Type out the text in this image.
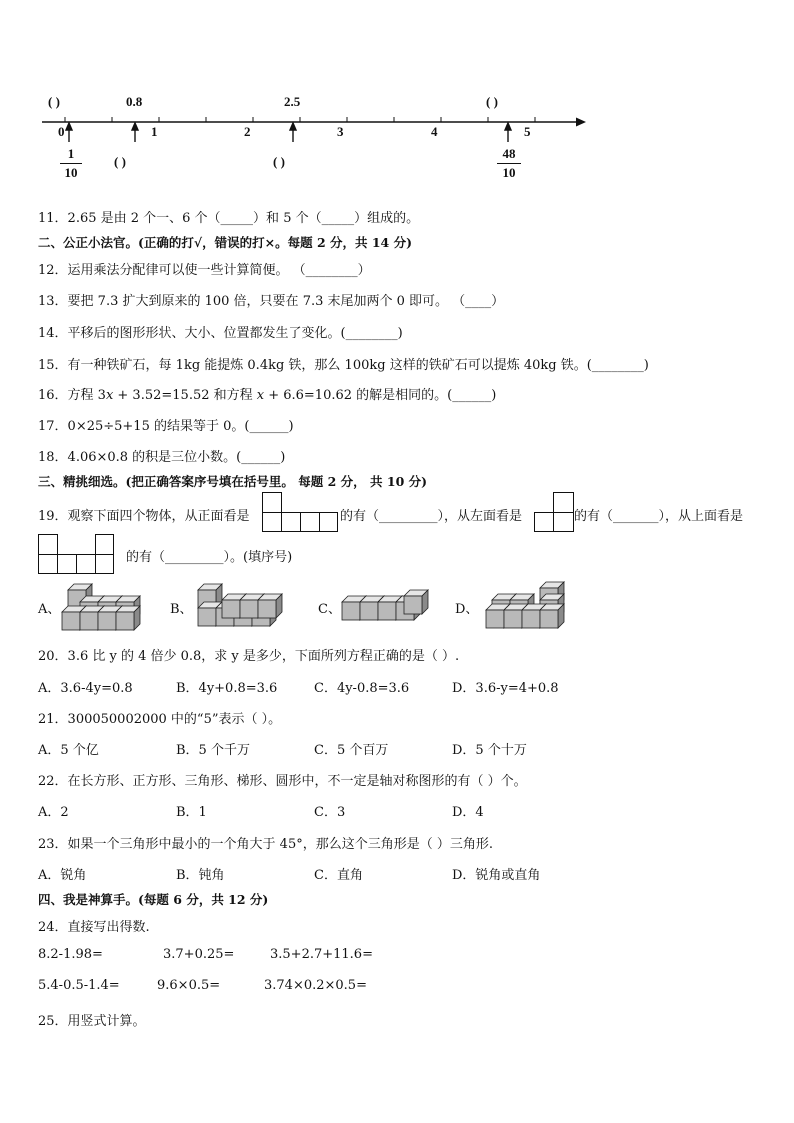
( )	0.8	2.5	( )
0	1	2	3	4	5
1
10
( )	( )
48
10
11．2.65 是由 2 个一、6 个（_____）和 5 个（_____）组成的。
二、公正小法官。(正确的打√，错误的打×。每题 2 分，共 14 分)
12．运用乘法分配律可以使一些计算简便。 （________）
13．要把 7.3 扩大到原来的 100 倍，只要在 7.3 末尾加两个 0 即可。 （____）
14．平移后的图形形状、大小、位置都发生了变化。(________)
15．有一种铁矿石，每 1kg 能提炼 0.4kg 铁，那么 100kg 这样的铁矿石可以提炼 40kg 铁。(________)
16．方程 3𝑥 + 3.52=15.52 和方程 𝑥 + 6.6=10.62 的解是相同的。(______)
17．0×25÷5+15 的结果等于 0。(______)
18．4.06×0.8 的积是三位小数。(______)
三、精挑细选。(把正确答案序号填在括号里。 每题 2 分， 共 10 分)
19．观察下面四个物体，从正面看是	的有（_________），从左面看是	的有（_______），从上面看是
的有（_________）。(填序号)
A、	B、	C、	D、
20．3.6 比 y 的 4 倍少 0.8，求 y 是多少，下面所列方程正确的是（ ）.
A．3.6-4y=0.8	B．4y+0.8=3.6	C．4y-0.8=3.6	D．3.6-y=4+0.8
21．300050002000 中的“5”表示（ ）。
A．5 个亿	B．5 个千万	C．5 个百万	D．5 个十万
22．在长方形、正方形、三角形、梯形、圆形中，不一定是轴对称图形的有（ ）个。
A．2	B．1	C．3	D．4
23．如果一个三角形中最小的一个角大于 45°，那么这个三角形是（ ）三角形.
A．锐角	B．钝角	C．直角	D．锐角或直角
四、我是神算手。(每题 6 分，共 12 分)
24．直接写出得数.
8.2-1.98=	3.7+0.25=	3.5+2.7+11.6=
5.4-0.5-1.4=	9.6×0.5=	3.74×0.2×0.5=
25．用竖式计算。
